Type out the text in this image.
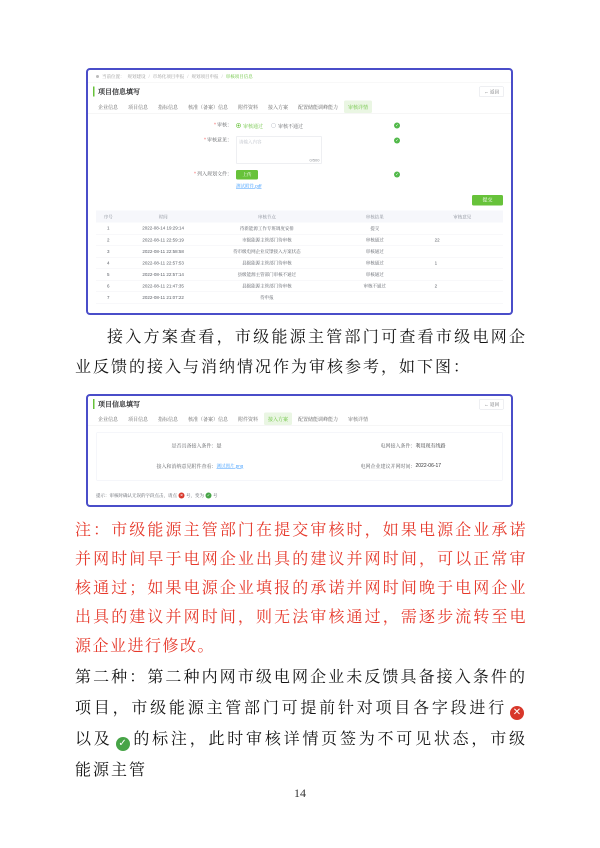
当前位置： 规划建设 / 市场化项目申报 / 规划项目申报 / 审核项目信息
项目信息填写	← 返回
企业信息	项目信息	指标信息	核准（备案）信息	附件资料	接入方案	配置储能调峰能力	审核详情
*审核：	审核通过 审核不通过	✓
*审核意见： 请输入内容
0/500
✓
*列入规划文件：	上传
测试附件.pdf
✓
提交
序号	时间	审核节点	审核结果	审核意见
1	2022-08-14 19:29:14	待新能源工作专班调度安排	提交	
2	2022-08-11 22:59:19	市级能源主管部门待审核	审核通过	22
3	2022-08-11 22:58:58	待市级电网企业反馈接入方案状态	审核通过	
4	2022-08-11 22:57:53	县级能源主管部门待审核	审核通过	1
5	2022-08-11 22:57:14	县级能源主管部门审核不通过	审核通过	
6	2022-08-11 21:47:35	县级能源主管部门待审核	审核不通过	2
7	2022-08-11 21:07:22	待申报		

接入方案查看，市级能源主管部门可查看市级电网企业反馈的接入与消纳情况作为审核参考，如下图：

项目信息填写	← 返回
企业信息	项目信息	指标信息	核准（备案）信息	附件资料	接入方案	配置储能调峰能力	审核详情
是否具备接入条件： 是	电网接入条件： 利用现有线路
接入和消纳意见附件查看： 测试图片.png	电网企业建议并网时间： 2022-06-17
提示：审核时确认无误的字段点击，请点 ✕ 号，变为 ✓ 号

注：市级能源主管部门在提交审核时，如果电源企业承诺并网时间早于电网企业出具的建议并网时间，可以正常审核通过；如果电源企业填报的承诺并网时间晚于电网企业出具的建议并网时间，则无法审核通过，需逐步流转至电源企业进行修改。

第二种：第二种内网市级电网企业未反馈具备接入条件的项目，市级能源主管部门可提前针对项目各字段进行 ✕以及 ✓ 的标注，此时审核详情页签为不可见状态，市级能源主管

14
